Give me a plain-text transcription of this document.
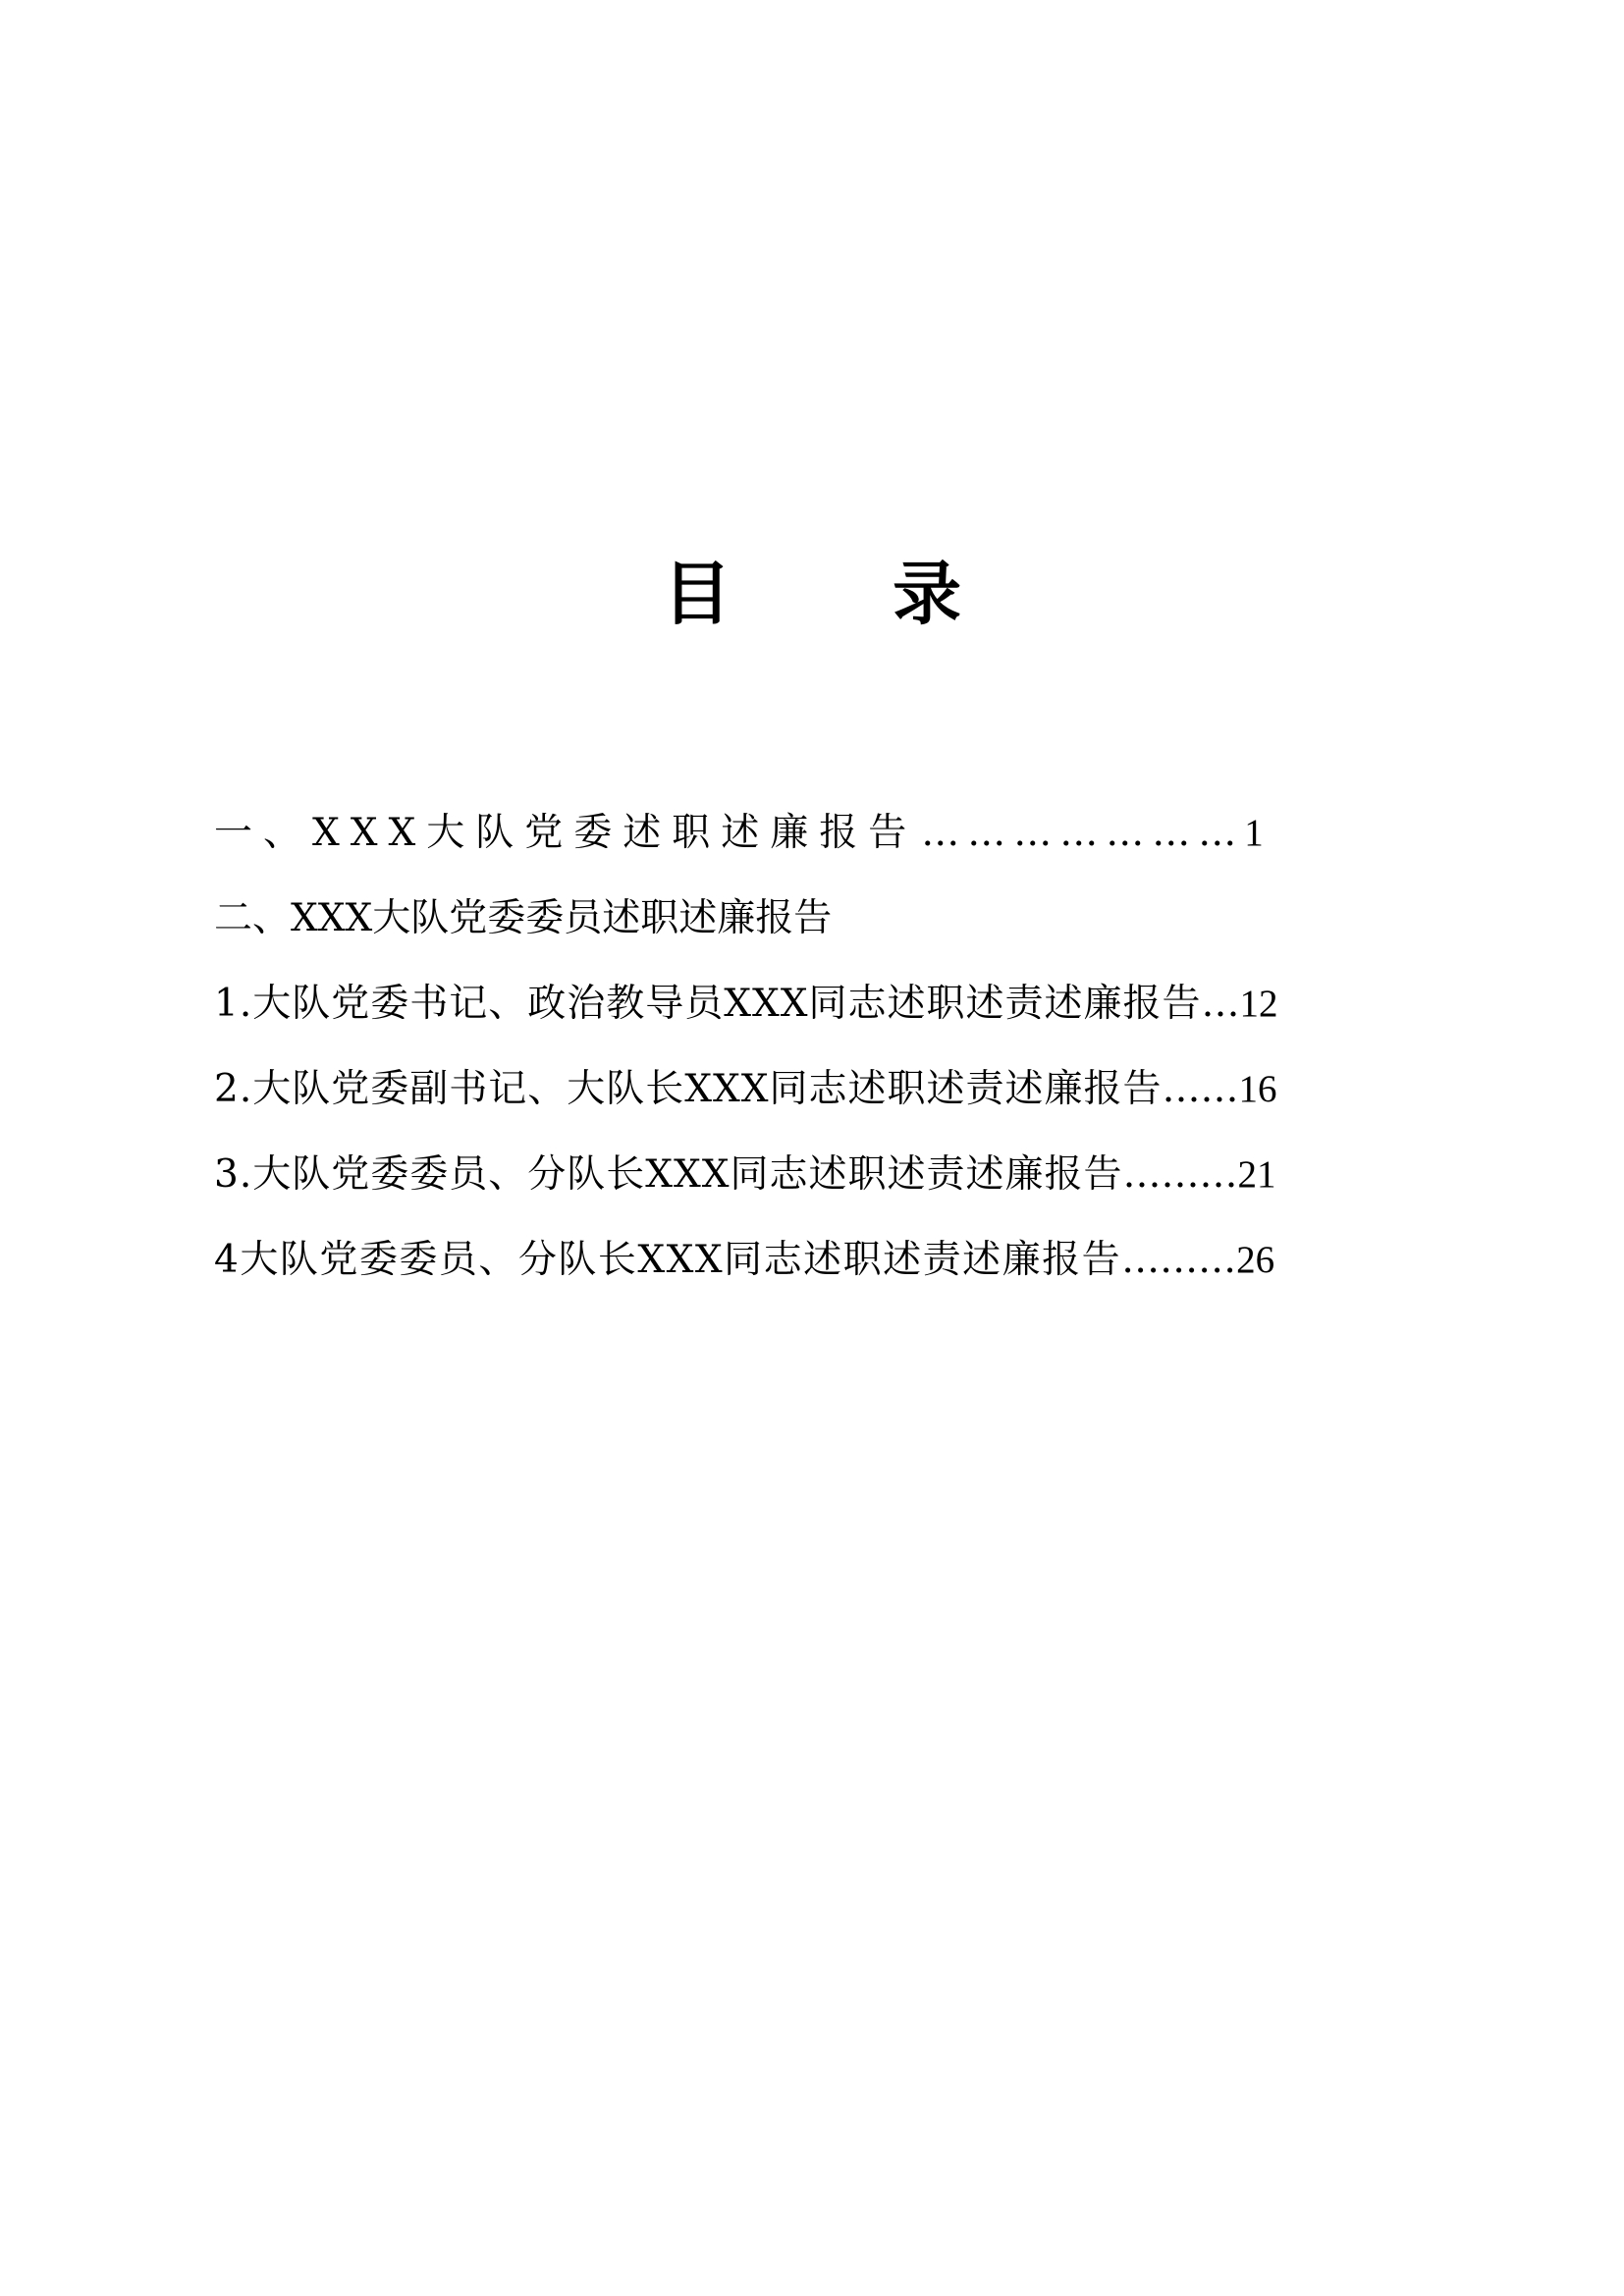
目 录
一、XXX大队党委述职述廉报告 ………………… 1
二、XXX大队党委委员述职述廉报告
1.大队党委书记、政治教导员XXX同志述职述责述廉报告 … 12
2.大队党委副书记、大队长XXX同志述职述责述廉报告 …… 16
3.大队党委委员、分队长XXX同志述职述责述廉报告 ……… 21
4大队党委委员、分队长XXX同志述职述责述廉报告 ……… 26
